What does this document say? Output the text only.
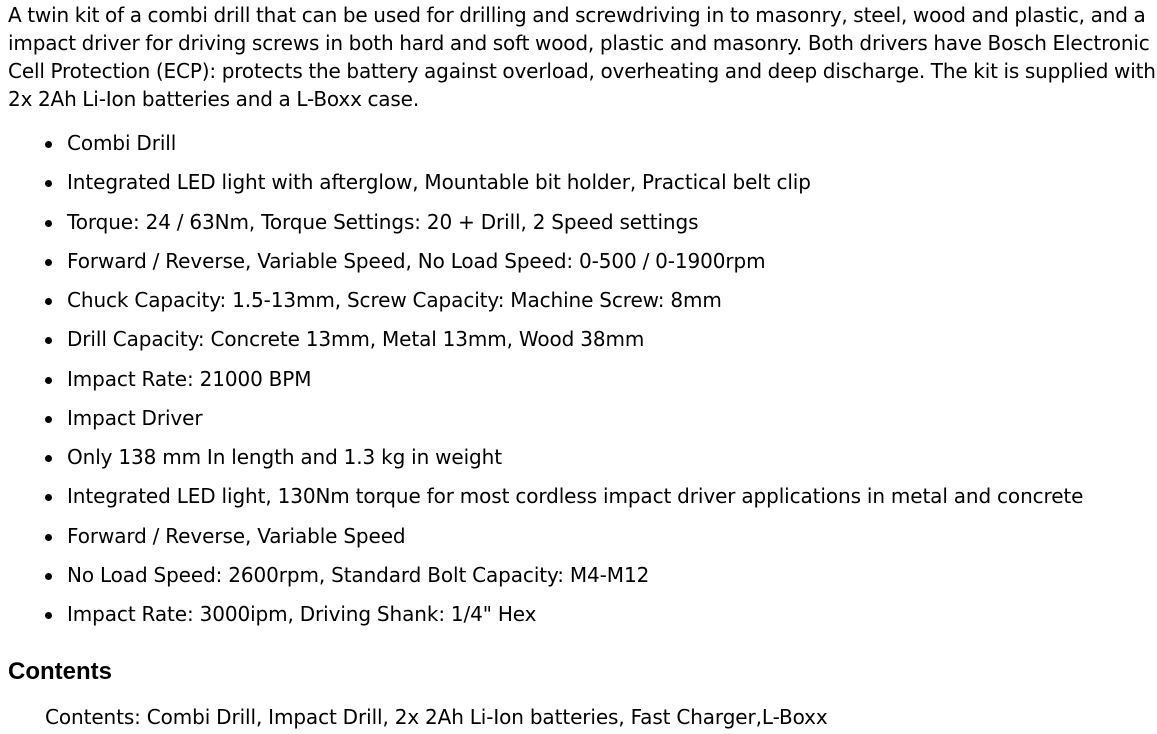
A twin kit of a combi drill that can be used for drilling and screwdriving in to masonry, steel, wood and plastic, and a impact driver for driving screws in both hard and soft wood, plastic and masonry. Both drivers have Bosch Electronic Cell Protection (ECP): protects the battery against overload, overheating and deep discharge. The kit is supplied with 2x 2Ah Li-Ion batteries and a L-Boxx case.

Combi Drill
Integrated LED light with afterglow, Mountable bit holder, Practical belt clip
Torque: 24 / 63Nm, Torque Settings: 20 + Drill, 2 Speed settings
Forward / Reverse, Variable Speed, No Load Speed: 0-500 / 0-1900rpm
Chuck Capacity: 1.5-13mm, Screw Capacity: Machine Screw: 8mm
Drill Capacity: Concrete 13mm, Metal 13mm, Wood 38mm
Impact Rate: 21000 BPM
Impact Driver
Only 138 mm In length and 1.3 kg in weight
Integrated LED light, 130Nm torque for most cordless impact driver applications in metal and concrete
Forward / Reverse, Variable Speed
No Load Speed: 2600rpm, Standard Bolt Capacity: M4-M12
Impact Rate: 3000ipm, Driving Shank: 1/4" Hex
Contents

Contents: Combi Drill, Impact Drill, 2x 2Ah Li-Ion batteries, Fast Charger,L-Boxx
